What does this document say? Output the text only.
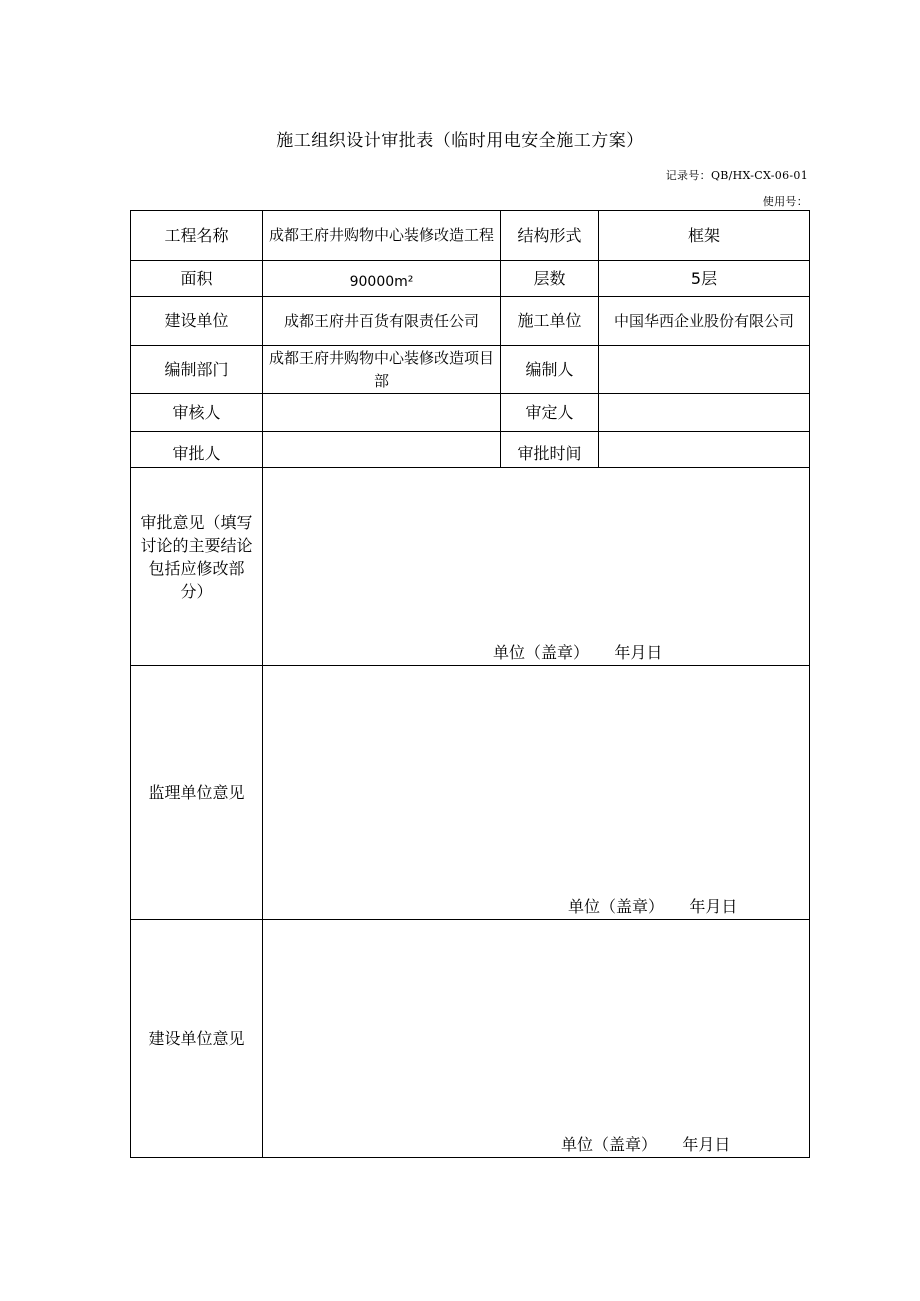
施工组织设计审批表（临时用电安全施工方案）
记录号：QB/HX-CX-06-01
使用号：
工程名称	成都王府井购物中心装修改造工程	结构形式	框架
面积	90000m²	层数	5层
建设单位	成都王府井百货有限责任公司	施工单位	中国华西企业股份有限公司
编制部门	成都王府井购物中心装修改造项目部	编制人	
审核人		审定人	
审批人		审批时间	
审批意见（填写讨论的主要结论包括应修改部分）	单位（盖章）     年月日		

监理单位意见	单位（盖章）     年月日		

建设单位意见	单位（盖章）     年月日		
